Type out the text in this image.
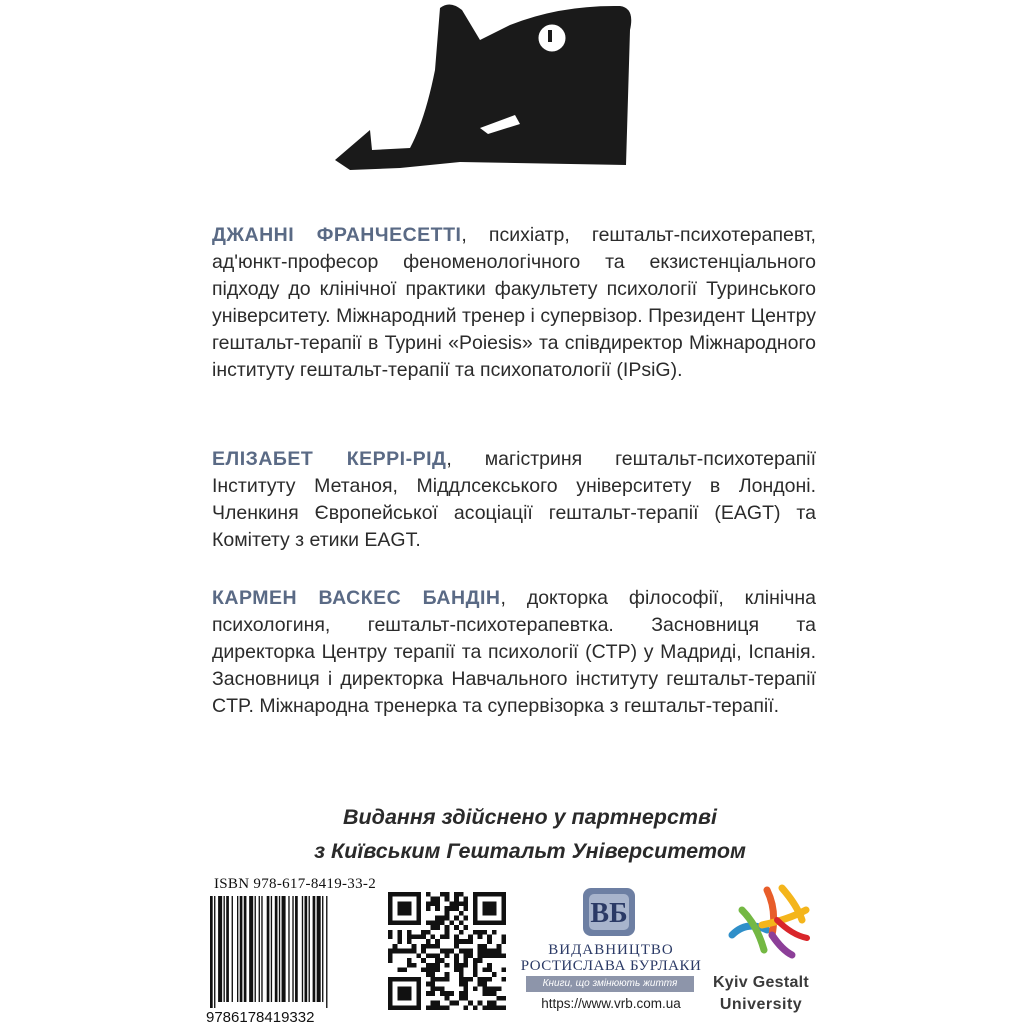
ДЖАННІ ФРАНЧЕСЕТТІ, психіатр, гештальт-психотерапевт, ад'юнкт-професор феноменологічного та екзистенціального підходу до клінічної практики факультету психології Туринського університету. Міжнародний тренер і супервізор. Президент Центру гештальт-терапії в Турині «Poiesis» та співдиректор Міжнародного інституту гештальт-терапії та психопатології (IPsiG).

ЕЛІЗАБЕТ КЕРРІ-РІД, магістриня гештальт-психотерапії Інституту Метаноя, Міддлсекського університету в Лондоні. Членкиня Європейської асоціації гештальт-терапії (EAGT) та Комітету з етики EAGT.

КАРМЕН ВАСКЕС БАНДІН, докторка філософії, клінічна психологиня, гештальт-психотерапевтка. Засновниця та директорка Центру терапії та психології (CTP) у Мадриді, Іспанія. Засновниця і директорка Навчального інституту гештальт-терапії CTP. Міжнародна тренерка та супервізорка з гештальт-терапії.

Видання здійснено у партнерстві
з Київським Гештальт Університетом
ISBN 978-617-8419-33-2
9786178419332
ВБ
ВИДАВНИЦТВО
РОСТИСЛАВА БУРЛАКИ
Книги, що змінюють життя
https://www.vrb.com.ua
Kyiv Gestalt
University
